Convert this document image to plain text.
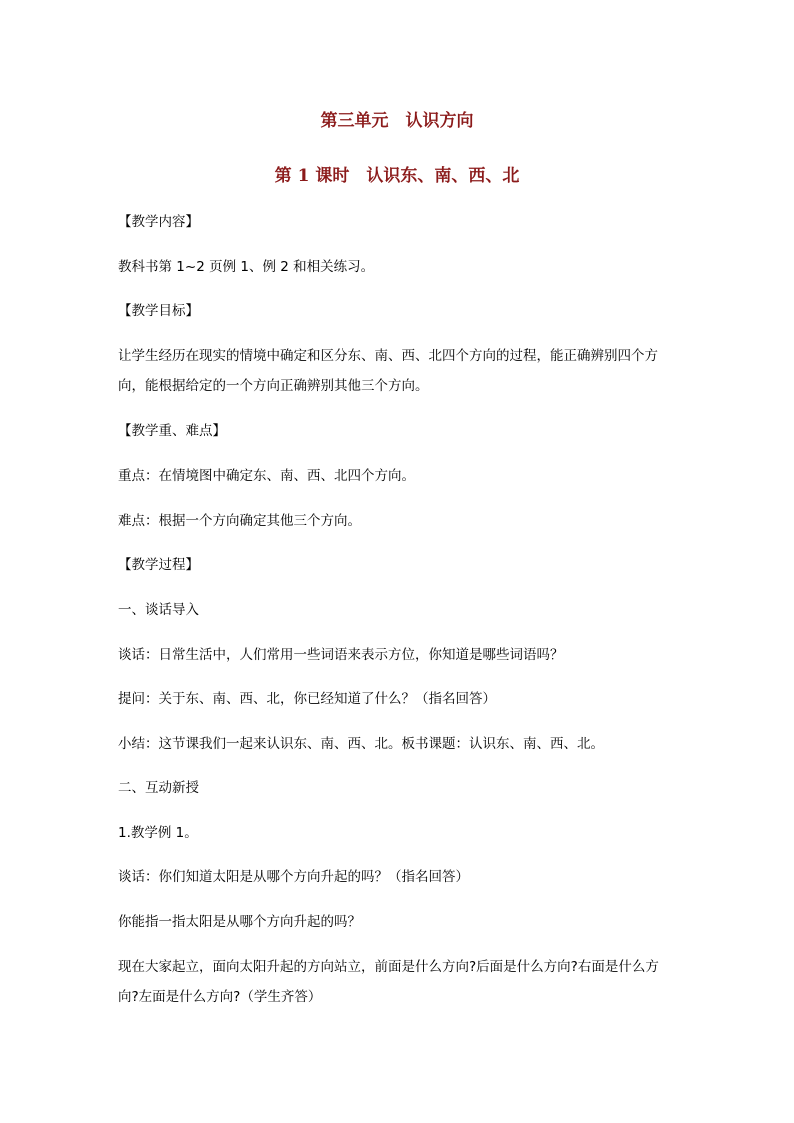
第三单元　认识方向
第 1 课时　认识东、南、西、北
【教学内容】
教科书第 1~2 页例 1、例 2 和相关练习。
【教学目标】
让学生经历在现实的情境中确定和区分东、南、西、北四个方向的过程，能正确辨别四个方
向，能根据给定的一个方向正确辨别其他三个方向。
【教学重、难点】
重点：在情境图中确定东、南、西、北四个方向。
难点：根据一个方向确定其他三个方向。
【教学过程】
一、谈话导入
谈话：日常生活中，人们常用一些词语来表示方位，你知道是哪些词语吗？
提问：关于东、南、西、北，你已经知道了什么？（指名回答）
小结：这节课我们一起来认识东、南、西、北。板书课题：认识东、南、西、北。
二、互动新授
1.教学例 1。
谈话：你们知道太阳是从哪个方向升起的吗？（指名回答）
你能指一指太阳是从哪个方向升起的吗？
现在大家起立，面向太阳升起的方向站立，前面是什么方向?后面是什么方向?右面是什么方
向?左面是什么方向?（学生齐答）
